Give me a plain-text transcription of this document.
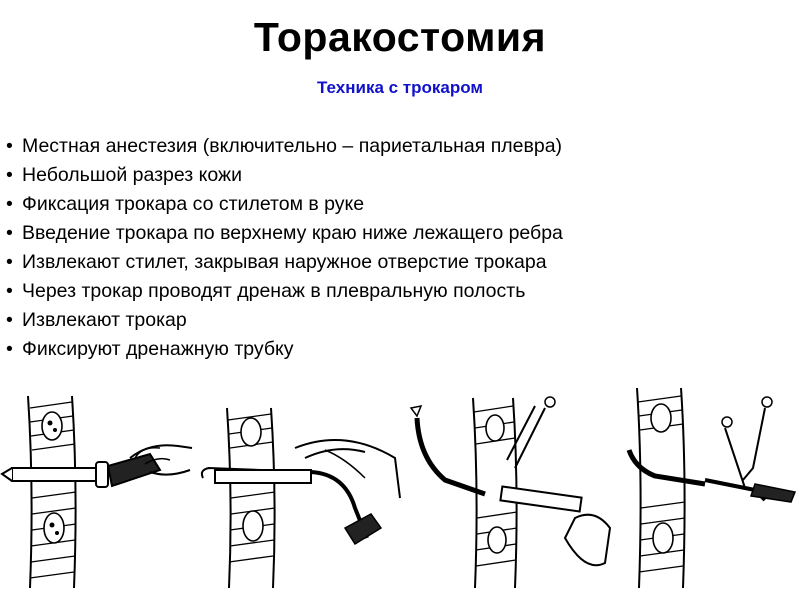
Торакостомия
Техника с трокаром
• Местная анестезия (включительно – париетальная плевра)
• Небольшой разрез кожи
• Фиксация трокара со стилетом в руке
• Введение трокара по верхнему краю ниже лежащего ребра
• Извлекают стилет, закрывая наружное отверстие трокара
• Через трокар проводят дренаж в плевральную полость
• Извлекают трокар
• Фиксируют дренажную трубку
